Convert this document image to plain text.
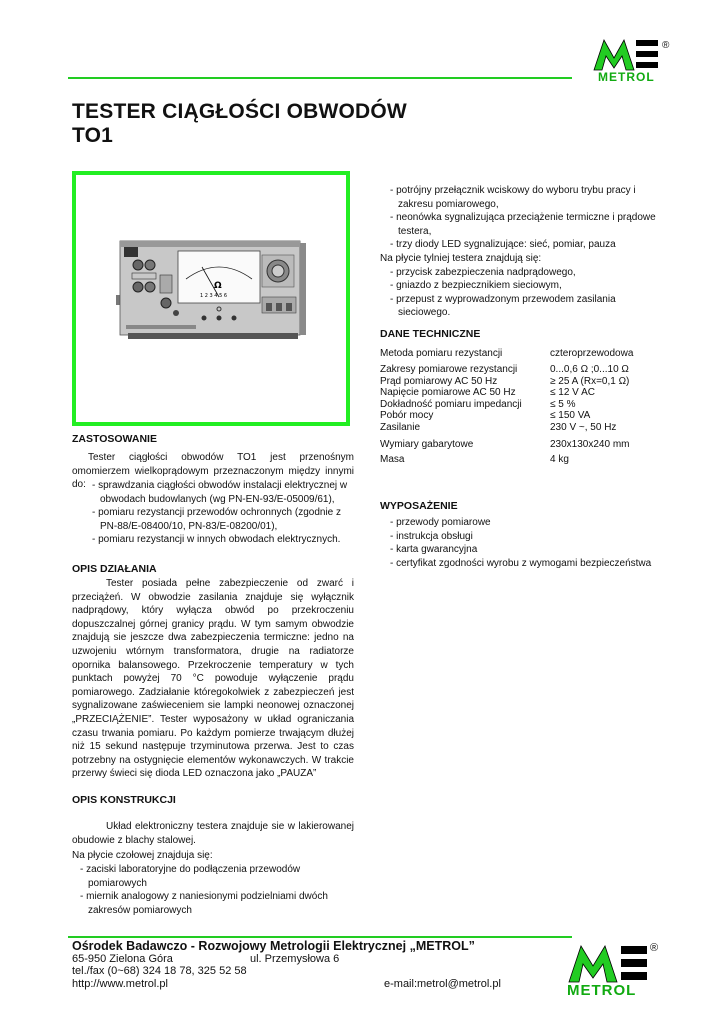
METROL
®
TESTER CIĄGŁOŚCI OBWODÓW
TO1
Ω
1 2 3 4 5 6
- potrójny przełącznik wciskowy do wyboru trybu pracy i zakresu pomiarowego,
- neonówka sygnalizująca przeciążenie termiczne i prądowe testera,
- trzy diody LED sygnalizujące: sieć, pomiar, pauza
Na płycie tylniej testera znajdują się:
- przycisk zabezpieczenia nadprądowego,
- gniazdo z bezpiecznikiem sieciowym,
- przepust z wyprowadzonym przewodem zasilania sieciowego.
DANE TECHNICZNE
Metoda pomiaru rezystancji	czteroprzewodowa
Zakresy pomiarowe rezystancji	0...0,6 Ω ;0...10 Ω
Prąd pomiarowy AC 50 Hz	≥ 25 A (Rx=0,1 Ω)
Napięcie pomiarowe AC 50 Hz	≤ 12 V AC
Dokładność pomiaru impedancji	≤ 5 %
Pobór mocy	≤ 150 VA
Zasilanie	230 V ~, 50 Hz
Wymiary gabarytowe	230x130x240 mm
Masa	4 kg
WYPOSAŻENIE
- przewody pomiarowe
- instrukcja obsługi
- karta gwarancyjna
- certyfikat zgodności wyrobu z wymogami bezpieczeństwa
ZASTOSOWANIE
Tester ciągłości obwodów TO1 jest przenośnym omomierzem wielkoprądowym przeznaczonym między innymi do: - sprawdzania ciągłości obwodów instalacji elektrycznej w obwodach budowlanych (wg PN-EN-93/E-05009/61),
- pomiaru rezystancji przewodów ochronnych (zgodnie z PN-88/E-08400/10, PN-83/E-08200/01),
- pomiaru rezystancji w innych obwodach elektrycznych.
OPIS DZIAŁANIA
Tester posiada pełne zabezpieczenie od zwarć i przeciążeń. W obwodzie zasilania znajduje się wyłącznik nadprądowy, który wyłącza obwód po przekroczeniu dopuszczalnej górnej granicy prądu. W tym samym obwodzie znajdują sie jeszcze dwa zabezpieczenia termiczne: jedno na uzwojeniu wtórnym transformatora, drugie na radiatorze opornika balansowego. Przekroczenie temperatury w tych punktach powyżej 70 °C powoduje wyłączenie prądu pomiarowego. Zadziałanie któregokolwiek z zabezpieczeń jest sygnalizowane zaświeceniem sie lampki neonowej oznaczonej „PRZECIĄŻENIE”. Tester wyposażony w układ ograniczania czasu trwania pomiaru. Po każdym pomierze trwającym dłużej niż 15 sekund następuje trzyminutowa przerwa. Jest to czas potrzebny na ostygnięcie elementów wykonawczych. W trakcie przerwy świeci się dioda LED oznaczona jako „PAUZA”
OPIS KONSTRUKCJI
Układ elektroniczny testera znajduje sie w lakierowanej obudowie z blachy stalowej.
Na płycie czołowej znajduja się:
- zaciski laboratoryjne do podłączenia przewodów pomiarowych
- miernik analogowy z naniesionymi podzielniami dwóch zakresów pomiarowych
Ośrodek Badawczo - Rozwojowy Metrologii Elektrycznej „METROL”
65-950 Zielona Góra	ul. Przemysłowa 6
tel./fax (0~68) 324 18 78, 325 52 58
http://www.metrol.pl	e-mail:metrol@metrol.pl	METROL
®
